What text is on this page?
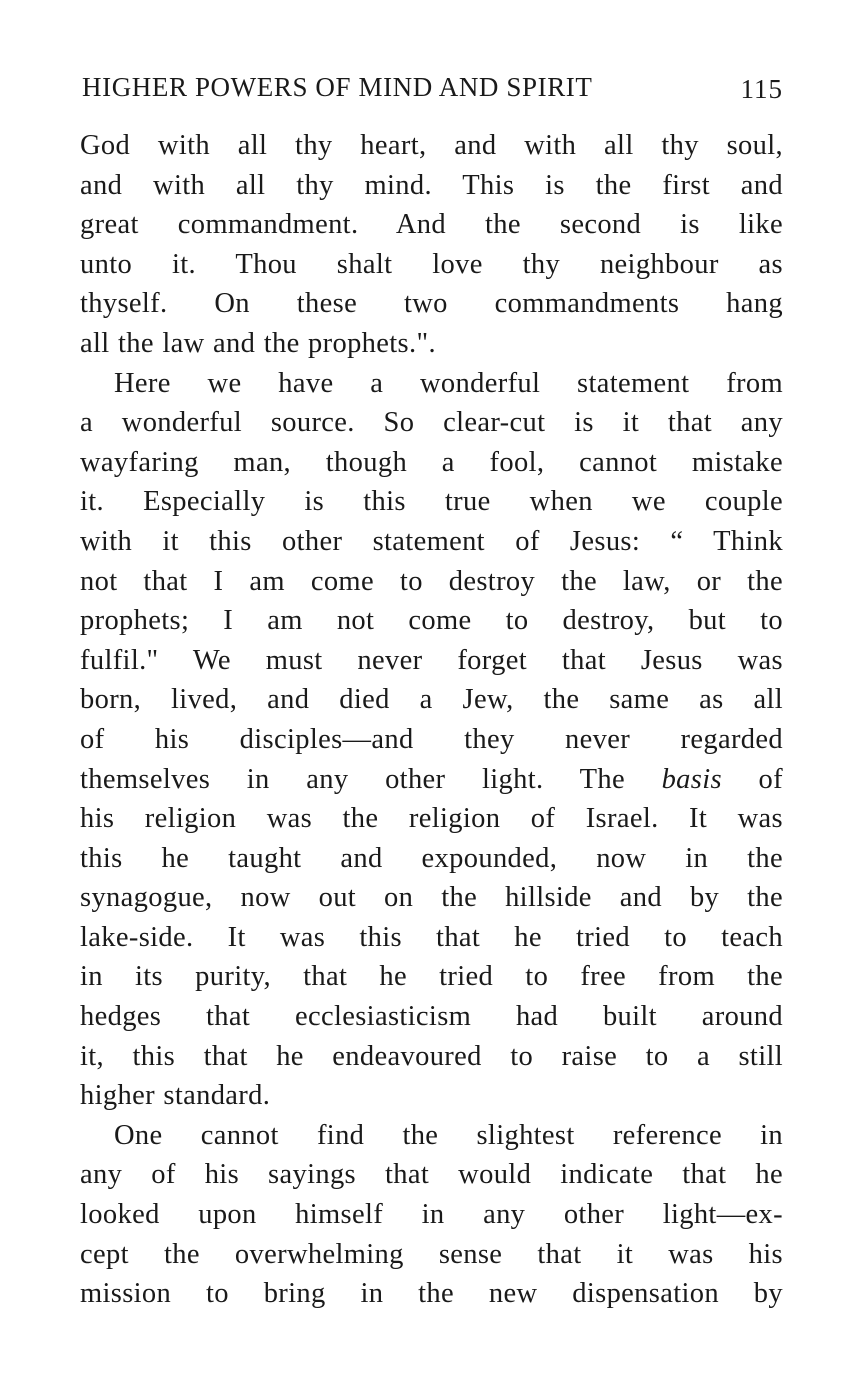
HIGHER POWERS OF MIND AND SPIRIT	115
God with all thy heart, and with all thy soul,
and with all thy mind. This is the first and
great commandment. And the second is like
unto it. Thou shalt love thy neighbour as
thyself. On these two commandments hang
all the law and the prophets.".
Here we have a wonderful statement from
a wonderful source. So clear-cut is it that any
wayfaring man, though a fool, cannot mistake
it. Especially is this true when we couple
with it this other statement of Jesus: “ Think
not that I am come to destroy the law, or the
prophets; I am not come to destroy, but to
fulfil." We must never forget that Jesus was
born, lived, and died a Jew, the same as all
of his disciples—and they never regarded
themselves in any other light. The basis of
his religion was the religion of Israel. It was
this he taught and expounded, now in the
synagogue, now out on the hillside and by the
lake-side. It was this that he tried to teach
in its purity, that he tried to free from the
hedges that ecclesiasticism had built around
it, this that he endeavoured to raise to a still
higher standard.
One cannot find the slightest reference in
any of his sayings that would indicate that he
looked upon himself in any other light—ex-
cept the overwhelming sense that it was his
mission to bring in the new dispensation by
